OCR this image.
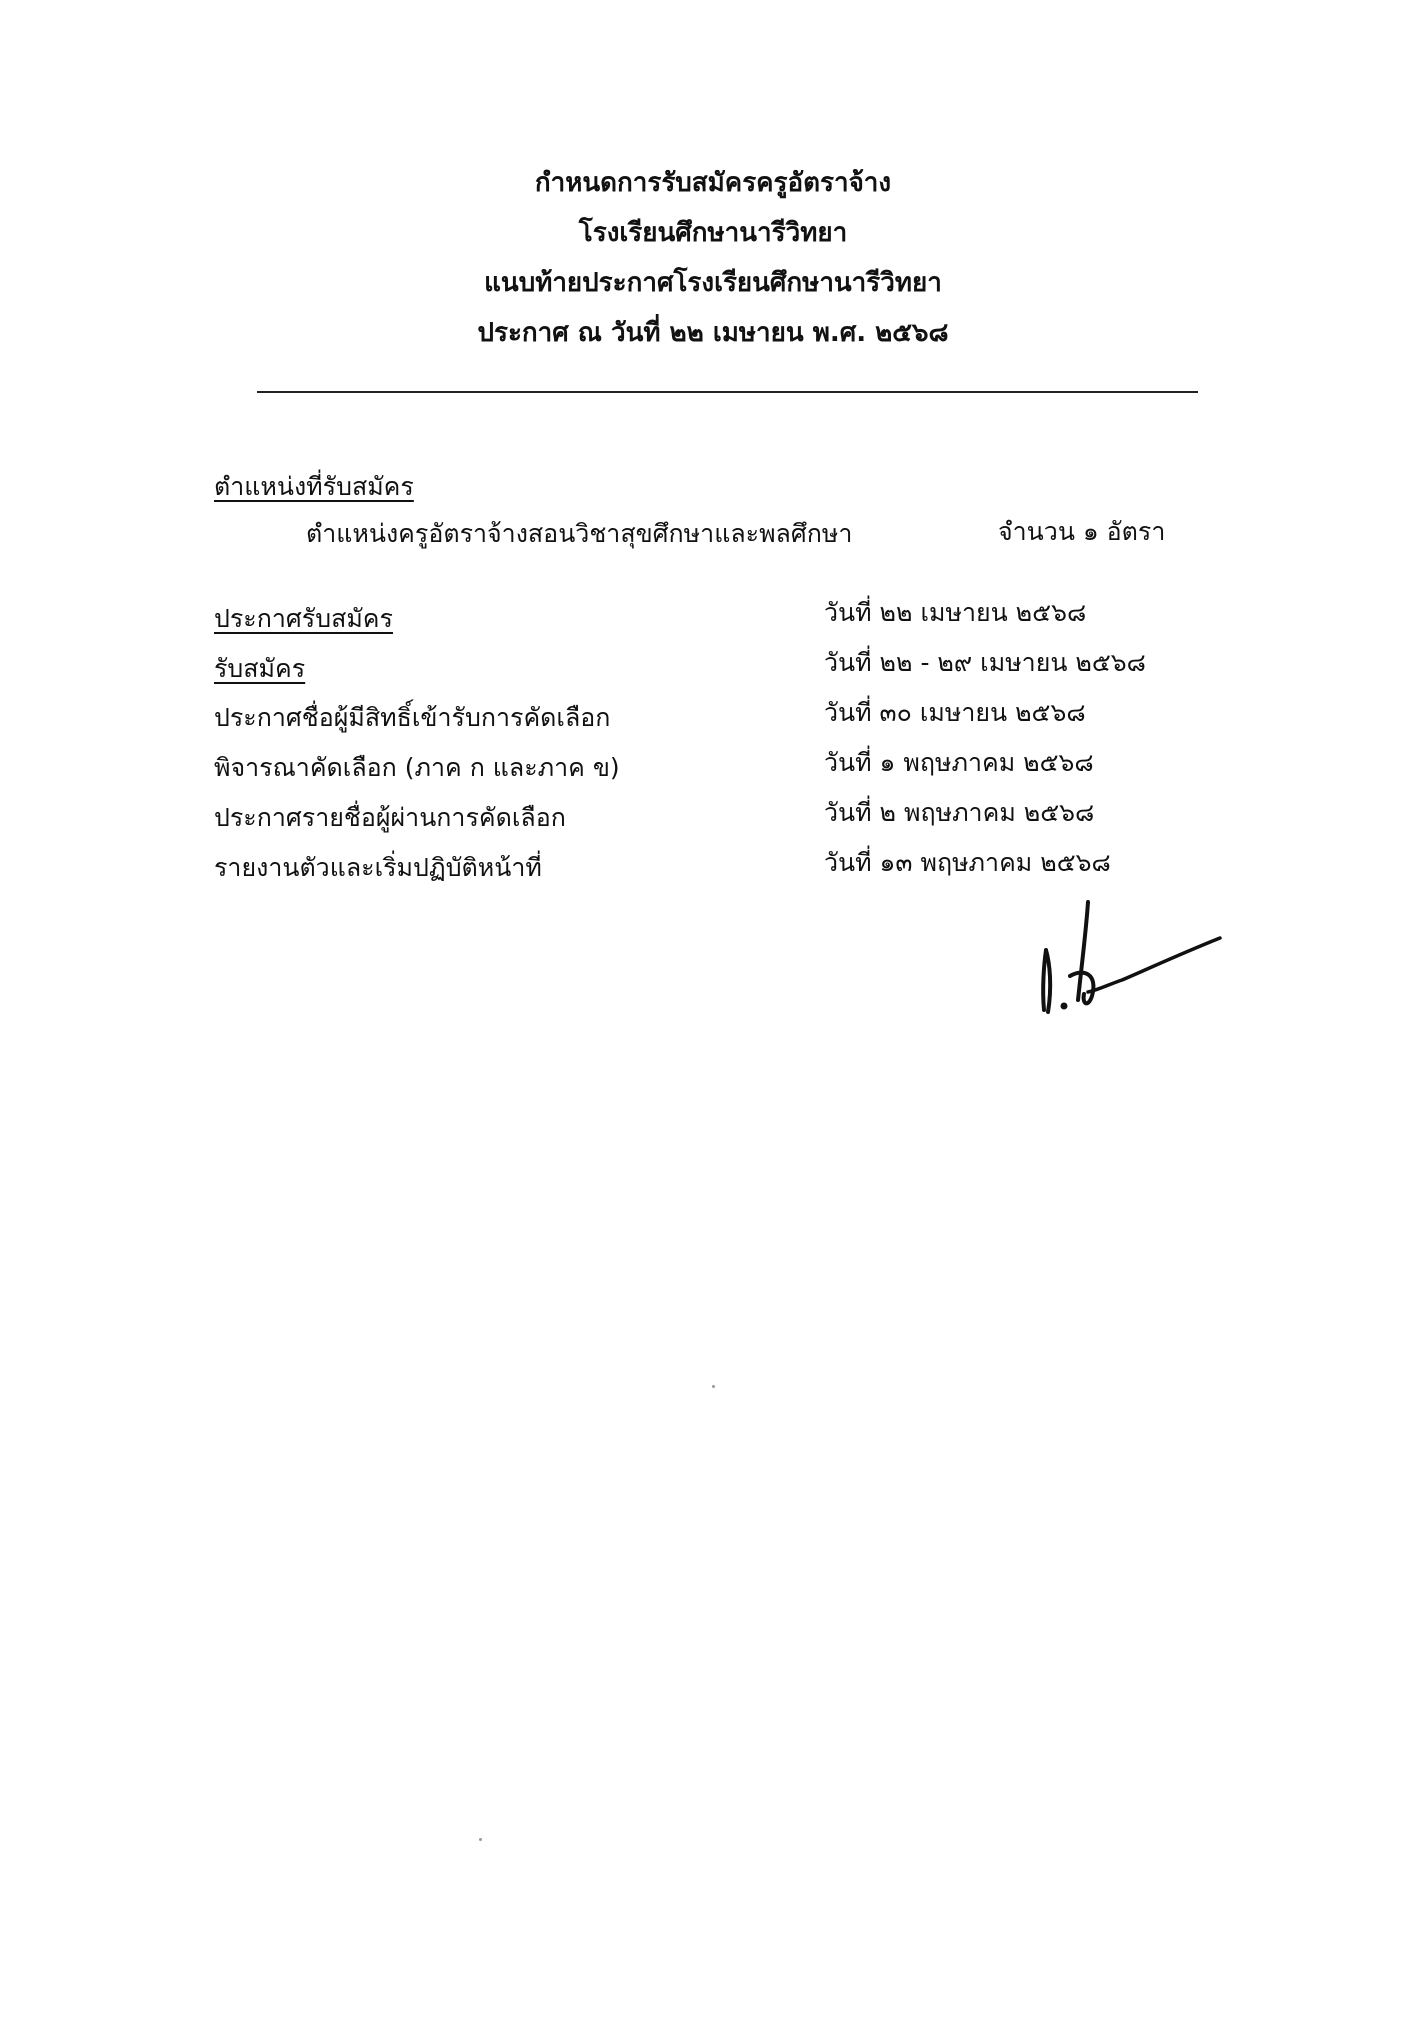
กำหนดการรับสมัครครูอัตราจ้าง
โรงเรียนศึกษานารีวิทยา
แนบท้ายประกาศโรงเรียนศึกษานารีวิทยา
ประกาศ ณ วันที่ ๒๒ เมษายน พ.ศ. ๒๕๖๘
ตำแหน่งที่รับสมัคร
ตำแหน่งครูอัตราจ้างสอนวิชาสุขศึกษาและพลศึกษา	จำนวน ๑ อัตรา
ประกาศรับสมัคร	วันที่ ๒๒ เมษายน ๒๕๖๘
รับสมัคร	วันที่ ๒๒ - ๒๙ เมษายน ๒๕๖๘
ประกาศชื่อผู้มีสิทธิ์เข้ารับการคัดเลือก	วันที่ ๓๐ เมษายน ๒๕๖๘
พิจารณาคัดเลือก (ภาค ก และภาค ข)	วันที่ ๑ พฤษภาคม ๒๕๖๘
ประกาศรายชื่อผู้ผ่านการคัดเลือก	วันที่ ๒ พฤษภาคม ๒๕๖๘
รายงานตัวและเริ่มปฏิบัติหน้าที่	วันที่ ๑๓ พฤษภาคม ๒๕๖๘
